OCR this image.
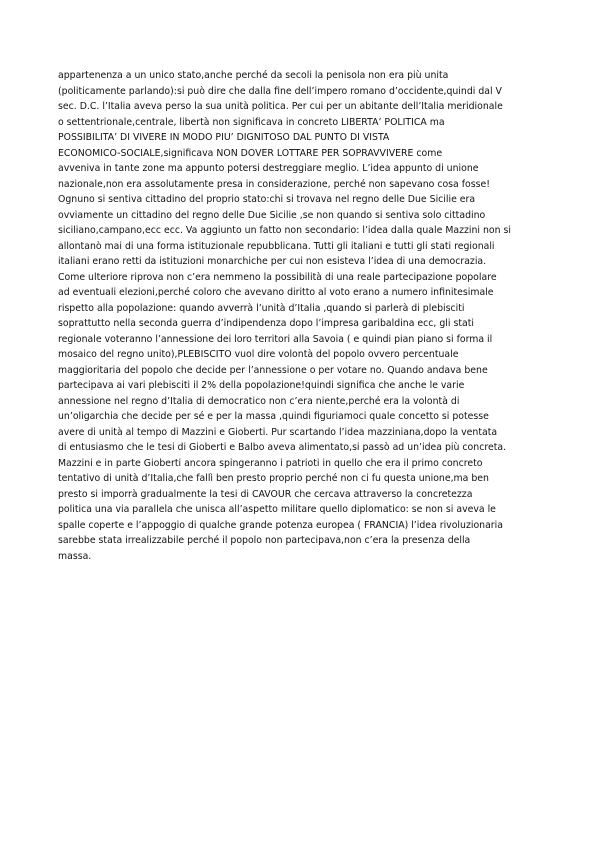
appartenenza a un unico stato,anche perché da secoli la penisola non era più unita
(politicamente parlando):si può dire che dalla fine dell’impero romano d’occidente,quindi dal V
sec. D.C. l’Italia aveva perso la sua unità politica. Per cui per un abitante dell’Italia meridionale
o settentrionale,centrale, libertà non significava in concreto LIBERTA’ POLITICA ma
POSSIBILITA’ DI VIVERE IN MODO PIU’ DIGNITOSO DAL PUNTO DI VISTA
ECONOMICO-SOCIALE,significava NON DOVER LOTTARE PER SOPRAVVIVERE come
avveniva in tante zone ma appunto potersi destreggiare meglio. L’idea appunto di unione
nazionale,non era assolutamente presa in considerazione, perché non sapevano cosa fosse!
Ognuno si sentiva cittadino del proprio stato:chi si trovava nel regno delle Due Sicilie era
ovviamente un cittadino del regno delle Due Sicilie ,se non quando si sentiva solo cittadino
siciliano,campano,ecc ecc. Va aggiunto un fatto non secondario: l’idea dalla quale Mazzini non si
allontanò mai di una forma istituzionale repubblicana. Tutti gli italiani e tutti gli stati regionali
italiani erano retti da istituzioni monarchiche per cui non esisteva l’idea di una democrazia.
Come ulteriore riprova non c’era nemmeno la possibilità di una reale partecipazione popolare
ad eventuali elezioni,perché coloro che avevano diritto al voto erano a numero infinitesimale
rispetto alla popolazione: quando avverrà l’unità d’Italia ,quando si parlerà di plebisciti
soprattutto nella seconda guerra d’indipendenza dopo l’impresa garibaldina ecc, gli stati
regionale voteranno l’annessione dei loro territori alla Savoia ( e quindi pian piano si forma il
mosaico del regno unito),PLEBISCITO vuol dire volontà del popolo ovvero percentuale
maggioritaria del popolo che decide per l’annessione o per votare no. Quando andava bene
partecipava ai vari plebisciti il 2% della popolazione!quindi significa che anche le varie
annessione nel regno d’Italia di democratico non c’era niente,perché era la volontà di
un’oligarchia che decide per sé e per la massa ,quindi figuriamoci quale concetto si potesse
avere di unità al tempo di Mazzini e Gioberti. Pur scartando l’idea mazziniana,dopo la ventata
di entusiasmo che le tesi di Gioberti e Balbo aveva alimentato,si passò ad un’idea più concreta.
Mazzini e in parte Gioberti ancora spingeranno i patrioti in quello che era il primo concreto
tentativo di unità d’Italia,che fallì ben presto proprio perché non ci fu questa unione,ma ben
presto si imporrà gradualmente la tesi di CAVOUR che cercava attraverso la concretezza
politica una via parallela che unisca all’aspetto militare quello diplomatico: se non si aveva le
spalle coperte e l’appoggio di qualche grande potenza europea ( FRANCIA) l’idea rivoluzionaria
sarebbe stata irrealizzabile perché il popolo non partecipava,non c’era la presenza della
massa.
